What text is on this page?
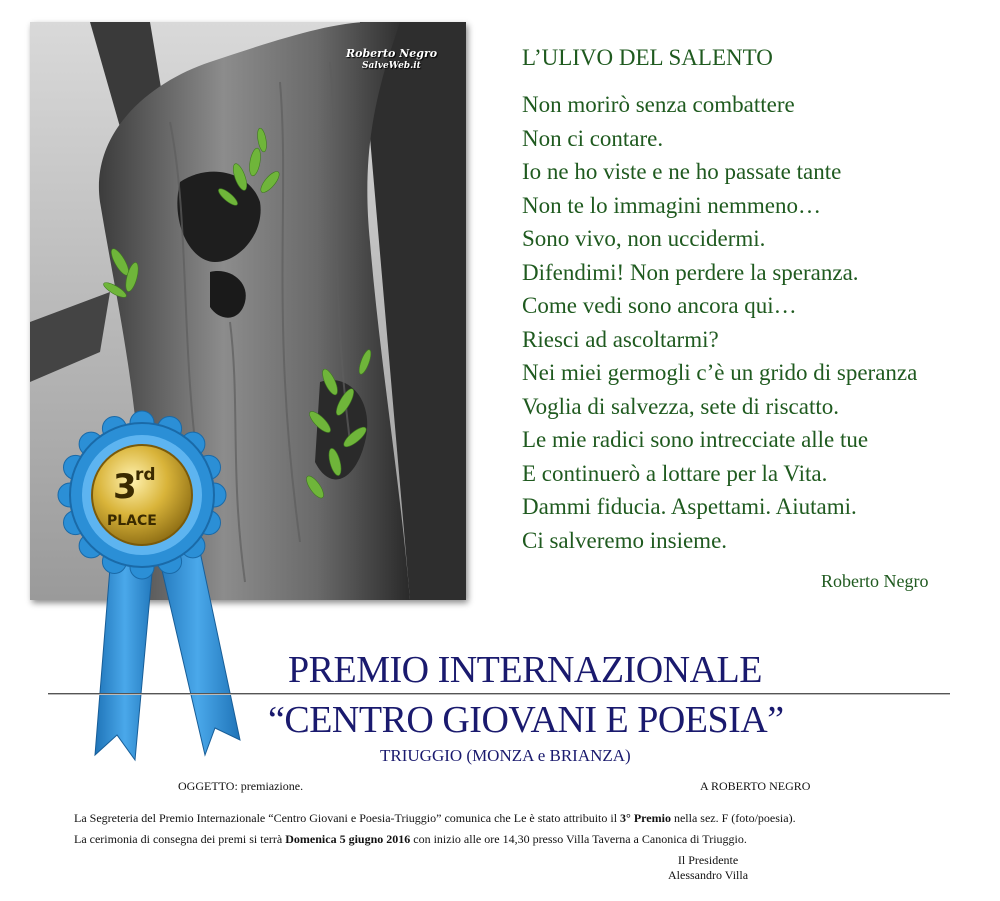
Roberto Negro
SalveWeb.it	L’ULIVO DEL SALENTO
Non morirò senza combattere
Non ci contare.
Io ne ho viste e ne ho passate tante
Non te lo immagini nemmeno…
Sono vivo, non uccidermi.
Difendimi! Non perdere la speranza.
Come vedi sono ancora qui…
Riesci ad ascoltarmi?
Nei miei germogli c’è un grido di speranza
Voglia di salvezza, sete di riscatto.
Le mie radici sono intrecciate alle tue
E continuerò a lottare per la Vita.
Dammi fiducia. Aspettami. Aiutami.
Ci salveremo insieme.
Roberto Negro
3
rd
PLACE
PREMIO INTERNAZIONALE
“CENTRO GIOVANI E POESIA”
TRIUGGIO (MONZA e BRIANZA)
OGGETTO: premiazione.	A ROBERTO NEGRO

La Segreteria del Premio Internazionale “Centro Giovani e Poesia-Triuggio” comunica che Le è stato attribuito il 3° Premio nella sez. F (foto/poesia).

La cerimonia di consegna dei premi si terrà Domenica 5 giugno 2016 con inizio alle ore 14,30 presso Villa Taverna a Canonica di Triuggio.

Il Presidente
Alessandro Villa
